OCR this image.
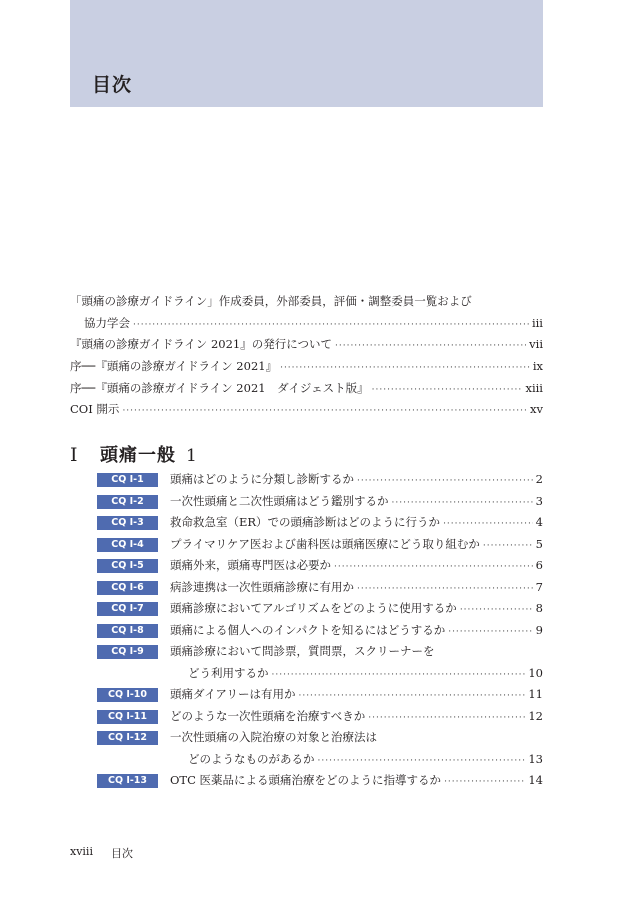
目次
「頭痛の診療ガイドライン」作成委員，外部委員，評価・調整委員一覧および
協力学会 ·····	iii
『頭痛の診療ガイドライン 2021』の発行について ·····	vii
序──『頭痛の診療ガイドライン 2021』 ·····	ix
序──『頭痛の診療ガイドライン 2021　ダイジェスト版』 ·····	xiii
COI 開示 ·····	xv
I	頭痛一般 1
CQ I-1	頭痛はどのように分類し診断するか ·····	2
CQ I-2	一次性頭痛と二次性頭痛はどう鑑別するか ·····	3
CQ I-3	救命救急室（ER）での頭痛診断はどのように行うか ·····	4
CQ I-4	プライマリケア医および歯科医は頭痛医療にどう取り組むか ·····	5
CQ I-5	頭痛外来，頭痛専門医は必要か ·····	6
CQ I-6	病診連携は一次性頭痛診療に有用か ·····	7
CQ I-7	頭痛診療においてアルゴリズムをどのように使用するか ·····	8
CQ I-8	頭痛による個人へのインパクトを知るにはどうするか ·····	9
CQ I-9	頭痛診療において問診票，質問票，スクリーナーを
どう利用するか ·····	10
CQ I-10	頭痛ダイアリーは有用か ·····	11
CQ I-11	どのような一次性頭痛を治療すべきか ·····	12
CQ I-12	一次性頭痛の入院治療の対象と治療法は
どのようなものがあるか ·····	13
CQ I-13	OTC 医薬品による頭痛治療をどのように指導するか ·····	14
xviii 目次
